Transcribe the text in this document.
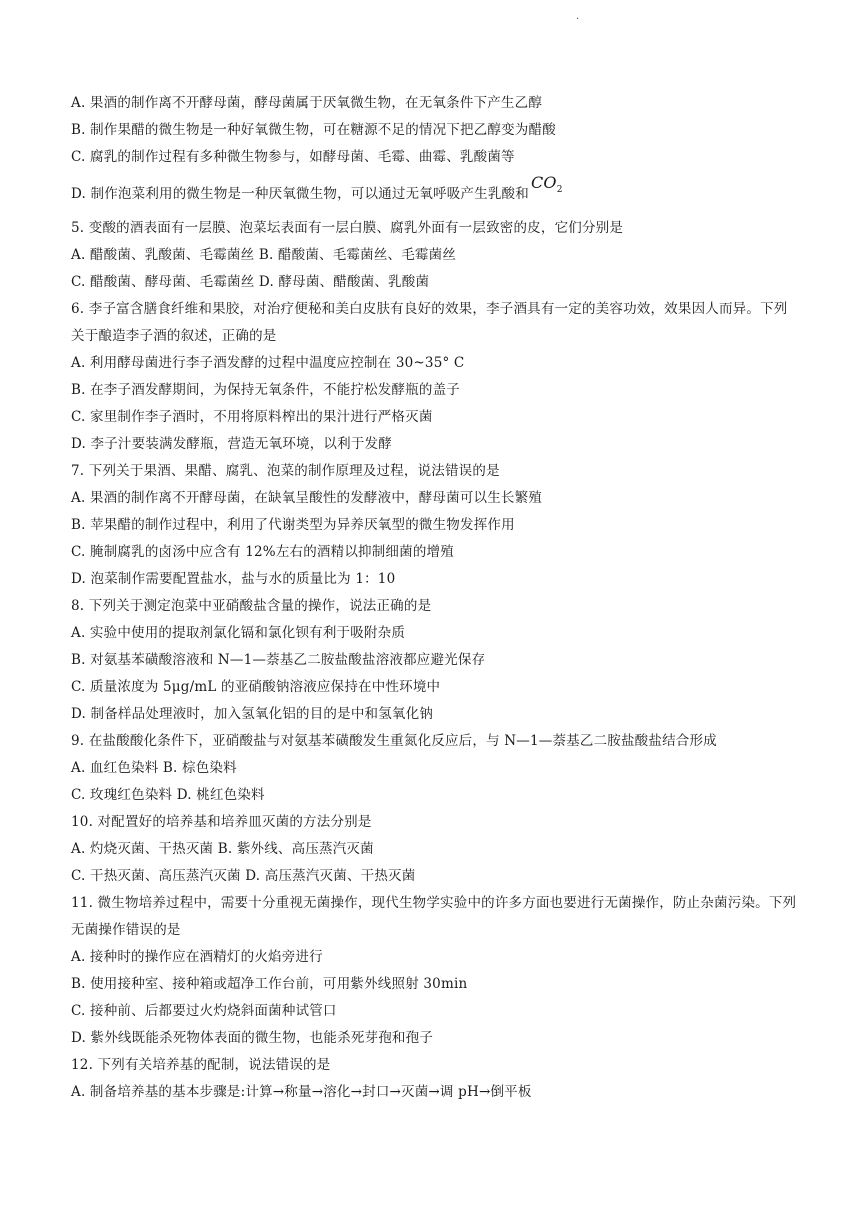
·
A. 果酒的制作离不开酵母菌，酵母菌属于厌氧微生物，在无氧条件下产生乙醇
B. 制作果醋的微生物是一种好氧微生物，可在糖源不足的情况下把乙醇变为醋酸
C. 腐乳的制作过程有多种微生物参与，如酵母菌、毛霉、曲霉、乳酸菌等
D. 制作泡菜利用的微生物是一种厌氧微生物，可以通过无氧呼吸产生乳酸和$CO_2$
5. 变酸的酒表面有一层膜、泡菜坛表面有一层白膜、腐乳外面有一层致密的皮，它们分别是
A. 醋酸菌、乳酸菌、毛霉菌丝 B. 醋酸菌、毛霉菌丝、毛霉菌丝
C. 醋酸菌、酵母菌、毛霉菌丝 D. 酵母菌、醋酸菌、乳酸菌
6. 李子富含膳食纤维和果胶，对治疗便秘和美白皮肤有良好的效果，李子酒具有一定的美容功效，效果因人而异。下列关于酿造李子酒的叙述，正确的是
A. 利用酵母菌进行李子酒发酵的过程中温度应控制在 30~35° C
B. 在李子酒发酵期间，为保持无氧条件，不能拧松发酵瓶的盖子
C. 家里制作李子酒时，不用将原料榨出的果汁进行严格灭菌
D. 李子汁要装满发酵瓶，营造无氧环境，以利于发酵
7. 下列关于果酒、果醋、腐乳、泡菜的制作原理及过程，说法错误的是
A. 果酒的制作离不开酵母菌，在缺氧呈酸性的发酵液中，酵母菌可以生长繁殖
B. 苹果醋的制作过程中，利用了代谢类型为异养厌氧型的微生物发挥作用
C. 腌制腐乳的卤汤中应含有 12%左右的酒精以抑制细菌的增殖
D. 泡菜制作需要配置盐水，盐与水的质量比为 1：10
8. 下列关于测定泡菜中亚硝酸盐含量的操作，说法正确的是
A. 实验中使用的提取剂氯化镉和氯化钡有利于吸附杂质
B. 对氨基苯磺酸溶液和 N—1—萘基乙二胺盐酸盐溶液都应避光保存
C. 质量浓度为 5μg/mL 的亚硝酸钠溶液应保持在中性环境中
D. 制备样品处理液时，加入氢氧化铝的目的是中和氢氧化钠
9. 在盐酸酸化条件下，亚硝酸盐与对氨基苯磺酸发生重氮化反应后，与 N—1—萘基乙二胺盐酸盐结合形成
A. 血红色染料 B. 棕色染料
C. 玫瑰红色染料 D. 桃红色染料
10. 对配置好的培养基和培养皿灭菌的方法分别是
A. 灼烧灭菌、干热灭菌 B. 紫外线、高压蒸汽灭菌
C. 干热灭菌、高压蒸汽灭菌 D. 高压蒸汽灭菌、干热灭菌
11. 微生物培养过程中，需要十分重视无菌操作，现代生物学实验中的许多方面也要进行无菌操作，防止杂菌污染。下列无菌操作错误的是
A. 接种时的操作应在酒精灯的火焰旁进行
B. 使用接种室、接种箱或超净工作台前，可用紫外线照射 30min
C. 接种前、后都要过火灼烧斜面菌种试管口
D. 紫外线既能杀死物体表面的微生物，也能杀死芽孢和孢子
12. 下列有关培养基的配制，说法错误的是
A. 制备培养基的基本步骤是:计算→称量→溶化→封口→灭菌→调 pH→倒平板
